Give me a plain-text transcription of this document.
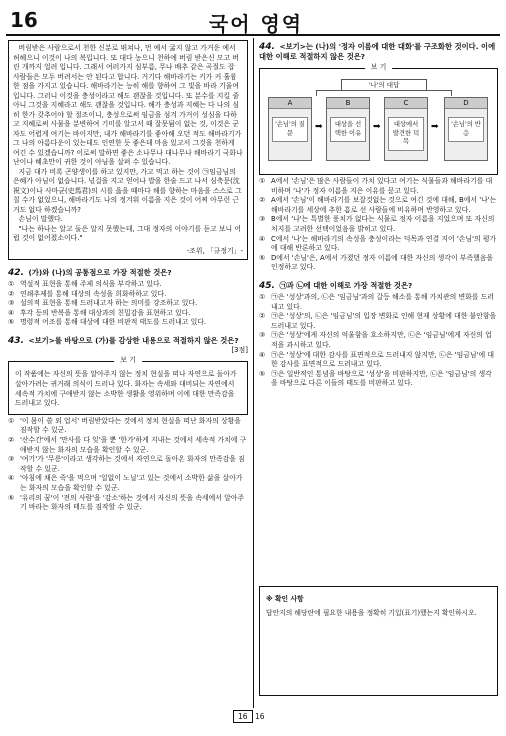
16	국어 영역

버림받은 사람으로서 천한 신분로 뛰쳐나, 먼 예서 굶지 않고 가거운 예서 허헤으니 이것이 나의 복입니다. 또 대다 농으니 천하에 버림 받은신 모고 버린 개까지 얼려 입니다. 그래서 여러가지 심부름, 무나 배추 같은 곡절도 잡 사람들은 모두 버려서는 안 된다고 합니다. 거기다 해바라기는 키가 커 훌륭한 점을 가지고 있습니다. 해바라기는 능히 해를 향하여 그 빛을 바라 기울여입니다. 그러니 이것을 충성이라고 해도 괜찮을 것입니다. 또 분수를 지킬 줄 아니 그것을 지혜라고 해도 괜찮을 것입니다. 해가 충성과 지혜는 다 나의 심히 한가 갖추어야 할 절조이니, 충성으로써 임금을 섬겨 가거이 성심을 다하고 지혜로써 사물을 분변하여 기미를 알고서 때 잘못됨이 없는 것, 이것은 군자도 어렵게 여기는 바이지만, 내가 해바라기를 좋아해 오던 적도 해바라기가 그 나의 아름다운이 있는데도 인연한 듯 좋은데 마음 있고서 그것을 천하게 여긴 수 있겠습니까? 이로써 말하면 좋은 소나무나 대나무나 해바라기 국화나 난이나 혜초만이 귀한 것이 아님을 살펴 수 있습니다.

지금 대가 비록 곤양생이를 하고 있지만, 가고 먹고 하는 것이 ㉠임금님의 은혜가 아님이 없습니다. 넋걸을 지고 얻어나 밥을 한술 드고 나서 심축문(沈祝文)이나 사마균(史馬君)의 시를 읊을 때마다 해를 향하는 마음을 스스로 그칠 수가 없었으니, 해바라기도 나의 정겨워 이름을 지은 것이 어찌 아무런 근거도 없다 하겠습니까?

손님이 말했다.

"나는 하나는 알고 둘은 알지 못했는데, 그대 정자의 이야기를 듣고 보니 어럽 것이 없어졌소이다."

-조위, 「규정기」-
42. (가)와 (나)의 공통점으로 가장 적절한 것은?
① 역설적 표현을 통해 주제 의식을 부각하고 있다.
② 연쇄추제를 통해 대상의 속성을 희화하하고 있다.
③ 설의적 표현을 통해 드러내고자 하는 의미를 강조하고 있다.
④ 후각 등의 반복을 통해 대상과의 친밀감을 표현하고 있다.
⑤ 명령적 어조를 통해 대상에 대한 비판적 태도를 드러내고 있다.
43. <보기>를 바탕으로 (가)를 감상한 내용으로 적절하지 않은 것은?
[3점]
보 기

이 작품에는 자신의 뜻을 알아주지 않는 정치 현실을 떠나 자연으로 돌아가 살아가려는 귀거래 의식이 드러나 있다. 화자는 속세와 대비되는 자연에서 세속적 가치에 구애받지 않는 소박한 생활을 영위하며 이에 대한 만족감을 드러내고 있다.

① '이 몸이 쓸 외 업서' 버림받았다는 것에서 정치 현실을 떠난 화자의 상황을 짐작할 수 있군.
② '산수간'에서 '만사를 다 잊'을 뿐 '한가'하게 지내는 것에서 세속적 가치에 구애받지 않는 화자의 모습을 확인할 수 있군.
③ '여기'가 '무릉'이라고 생각하는 것에서 자연으로 돌아온 화자의 만족감을 짐작할 수 있군.
④ '아침에 채은 죽'을 먹으며 '일없이 노닐'고 있는 것에서 소박한 삶을 살아가는 화자의 모습을 확인할 수 있군.
⑤ '유리의 꿈'이 '전의 사람'을 '감소'하는 것에서 자신의 뜻을 속세에서 알아주기 바라는 화자의 태도를 짐작할 수 있군.
44. <보기>는 (나)의 '정자 이름에 대한 대화'를 구조화한 것이다. 이에 대한 이해로 적절하지 않은 것은?
보 기
'나'의 대답
A
'손님'의 질문
➡
B
대상을 선택한 이유
➡
C
대상에서 발견한 덕목
➡
D
'손님'의 반응
① A에서 '손님'은 많은 사람들이 가치 있다고 여기는 식물들과 해바라기를 대비하며 '나'가 정자 이름을 지은 이유를 묻고 있다.
② A에서 '손님'이 해바라기를 보잘것없는 것으로 여긴 것에 대해, B에서 '나'는 해바라기를 세상에 추한 흠로 선 사람들에 비유하며 반영하고 있다.
③ B에서 '나'는 특별한 풍치가 없다는 식물로 정자 이름을 지었으며 또 자신의 처지를 고려한 선택이었음을 밝히고 있다.
④ C에서 '나'는 해바라기의 속성을 충성이라는 덕목과 연결 지어 '손님'의 평가에 대해 반론하고 있다.
⑤ D에서 '손님'은, A에서 가졌던 정자 이름에 대한 자신의 생각이 부족했음을 인정하고 있다.
45. ㉠과 ㉡에 대한 이해로 가장 적절한 것은?
① ㉠은 '성상'과의, ㉡은 '임금님'과의 갈등 해소를 통해 가치관의 변화를 드러내고 있다.
② ㉠은 '성상'의, ㉡은 '임금님'의 입장 변화로 인해 현재 상황에 대한 불안함을 드러내고 있다.
③ ㉠은 '성상'에게 자신의 억울함을 호소하지만, ㉡은 '임금님'에게 자신의 업적을 과시하고 있다.
④ ㉠은 '성상'에 대한 감사를 표면적으로 드러내지 않지만, ㉡은 '임금님'에 대한 감사를 표면적으로 드러내고 있다.
⑤ ㉠은 일반적인 통념을 바탕으로 '성상'을 비판하지만, ㉡은 '임금님'의 생각을 바탕으로 다른 이들의 태도를 비판하고 있다.
※ 확인 사항
답안지의 해당란에 필요한 내용을 정확히 기입(표기)했는지 확인하시오.
16 16
